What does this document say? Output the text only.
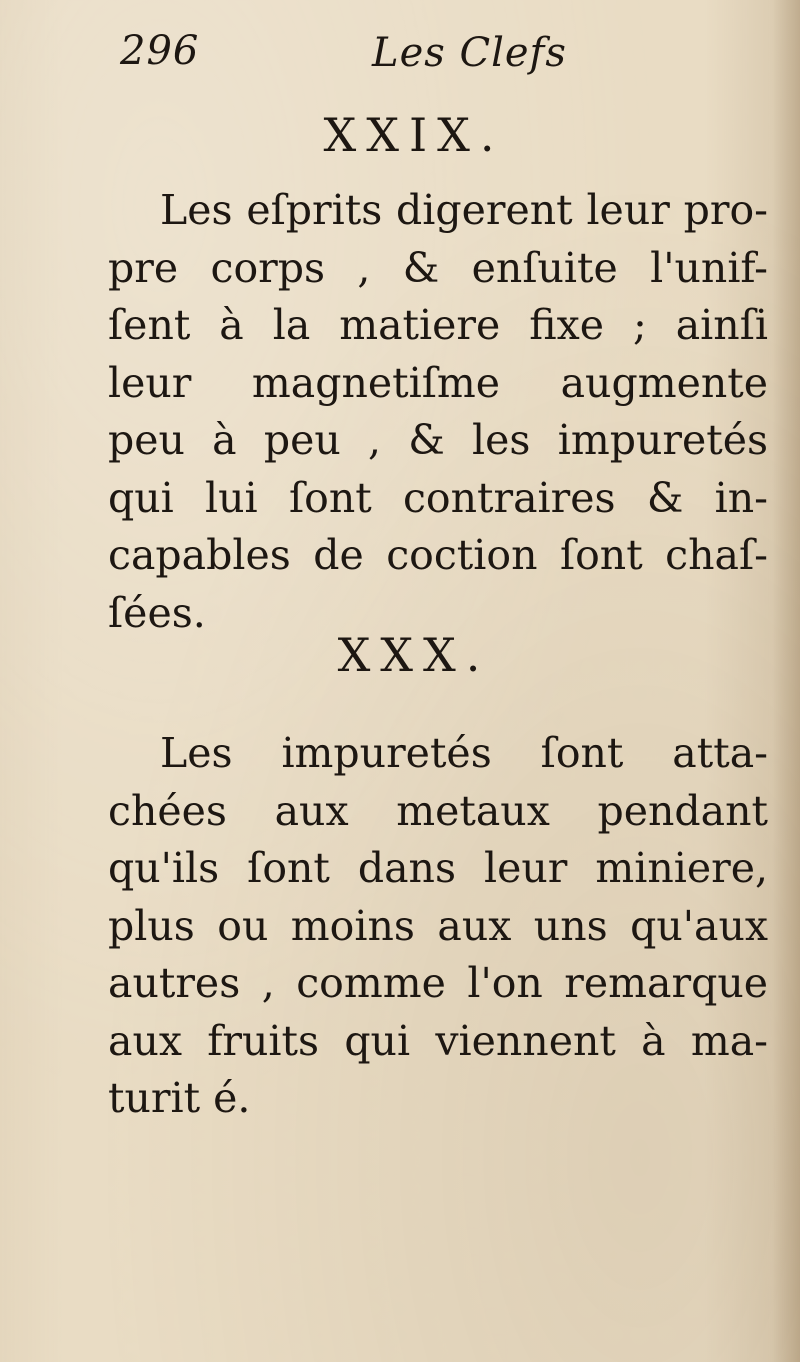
296	Les Clefs
XXIX.
Les eſprits digerent leur pro-
pre corps , & enſuite l'unif-
ſent à la matiere fixe ; ainſi
leur magnetiſme augmente
peu à peu , & les impuretés
qui lui ſont contraires & in-
capables de coction ſont chaſ-
ſées.
XXX.
Les impuretés ſont atta-
chées aux metaux pendant
qu'ils ſont dans leur miniere,
plus ou moins aux uns qu'aux
autres , comme l'on remarque
aux fruits qui viennent à ma-
turit é.
